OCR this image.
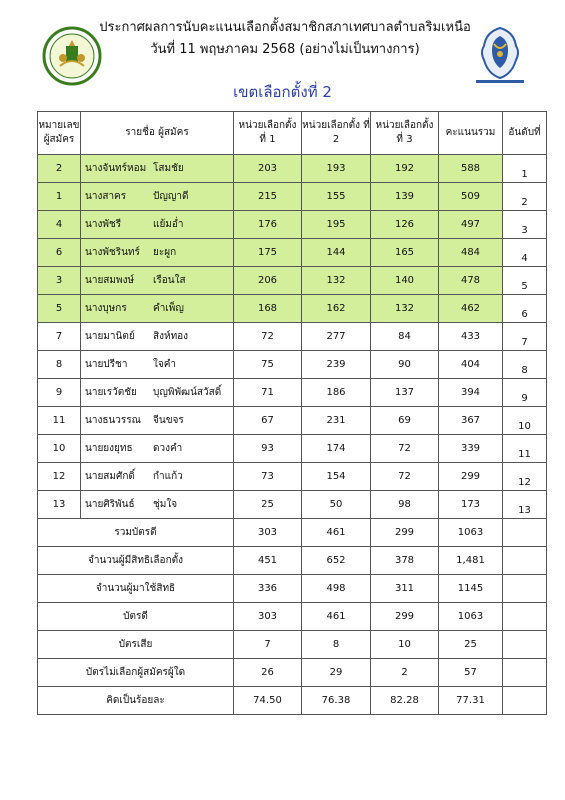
ประกาศผลการนับคะแนนเลือกตั้งสมาชิกสภาเทศบาลตำบลริมเหนือ
วันที่ 11 พฤษภาคม 2568 (อย่างไม่เป็นทางการ)
เขตเลือกตั้งที่ 2
หมายเลข ผู้สมัคร	รายชื่อ ผู้สมัคร	หน่วยเลือกตั้ง ที่ 1	หน่วยเลือกตั้ง ที่ 2	หน่วยเลือกตั้ง ที่ 3	คะแนนรวม	อันดับที่
2	นางจันทร์หอม โสมชัย	203	193	192	588	1
1	นางสาคร ปัญญาดี	215	155	139	509	2
4	นางพัชรี แย้มอ่ำ	176	195	126	497	3
6	นางพัชรินทร์ ยะผูก	175	144	165	484	4
3	นายสมพงษ์ เรือนใส	206	132	140	478	5
5	นางบุษกร คำเพ็ญ	168	162	132	462	6
7	นายมานิตย์ สิงห์ทอง	72	277	84	433	7
8	นายปรีชา ใจคำ	75	239	90	404	8
9	นายเรวัตชัย บุญพิพัฒน์สวัสดิ์	71	186	137	394	9
11	นางธนวรรณ จีนขจร	67	231	69	367	10
10	นายยงยุทธ ดวงคำ	93	174	72	339	11
12	นายสมศักดิ์ กำแก้ว	73	154	72	299	12
13	นายศิริพันธ์ ชุ่มใจ	25	50	98	173	13
รวมบัตรดี		303	461	299	1063	
จำนวนผู้มีสิทธิเลือกตั้ง		451	652	378	1,481	
จำนวนผู้มาใช้สิทธิ		336	498	311	1145	
บัตรดี		303	461	299	1063	
บัตรเสีย		7	8	10	25	
บัตรไม่เลือกผู้สมัครผู้ใด		26	29	2	57	
คิดเป็นร้อยละ		74.50	76.38	82.28	77.31	
